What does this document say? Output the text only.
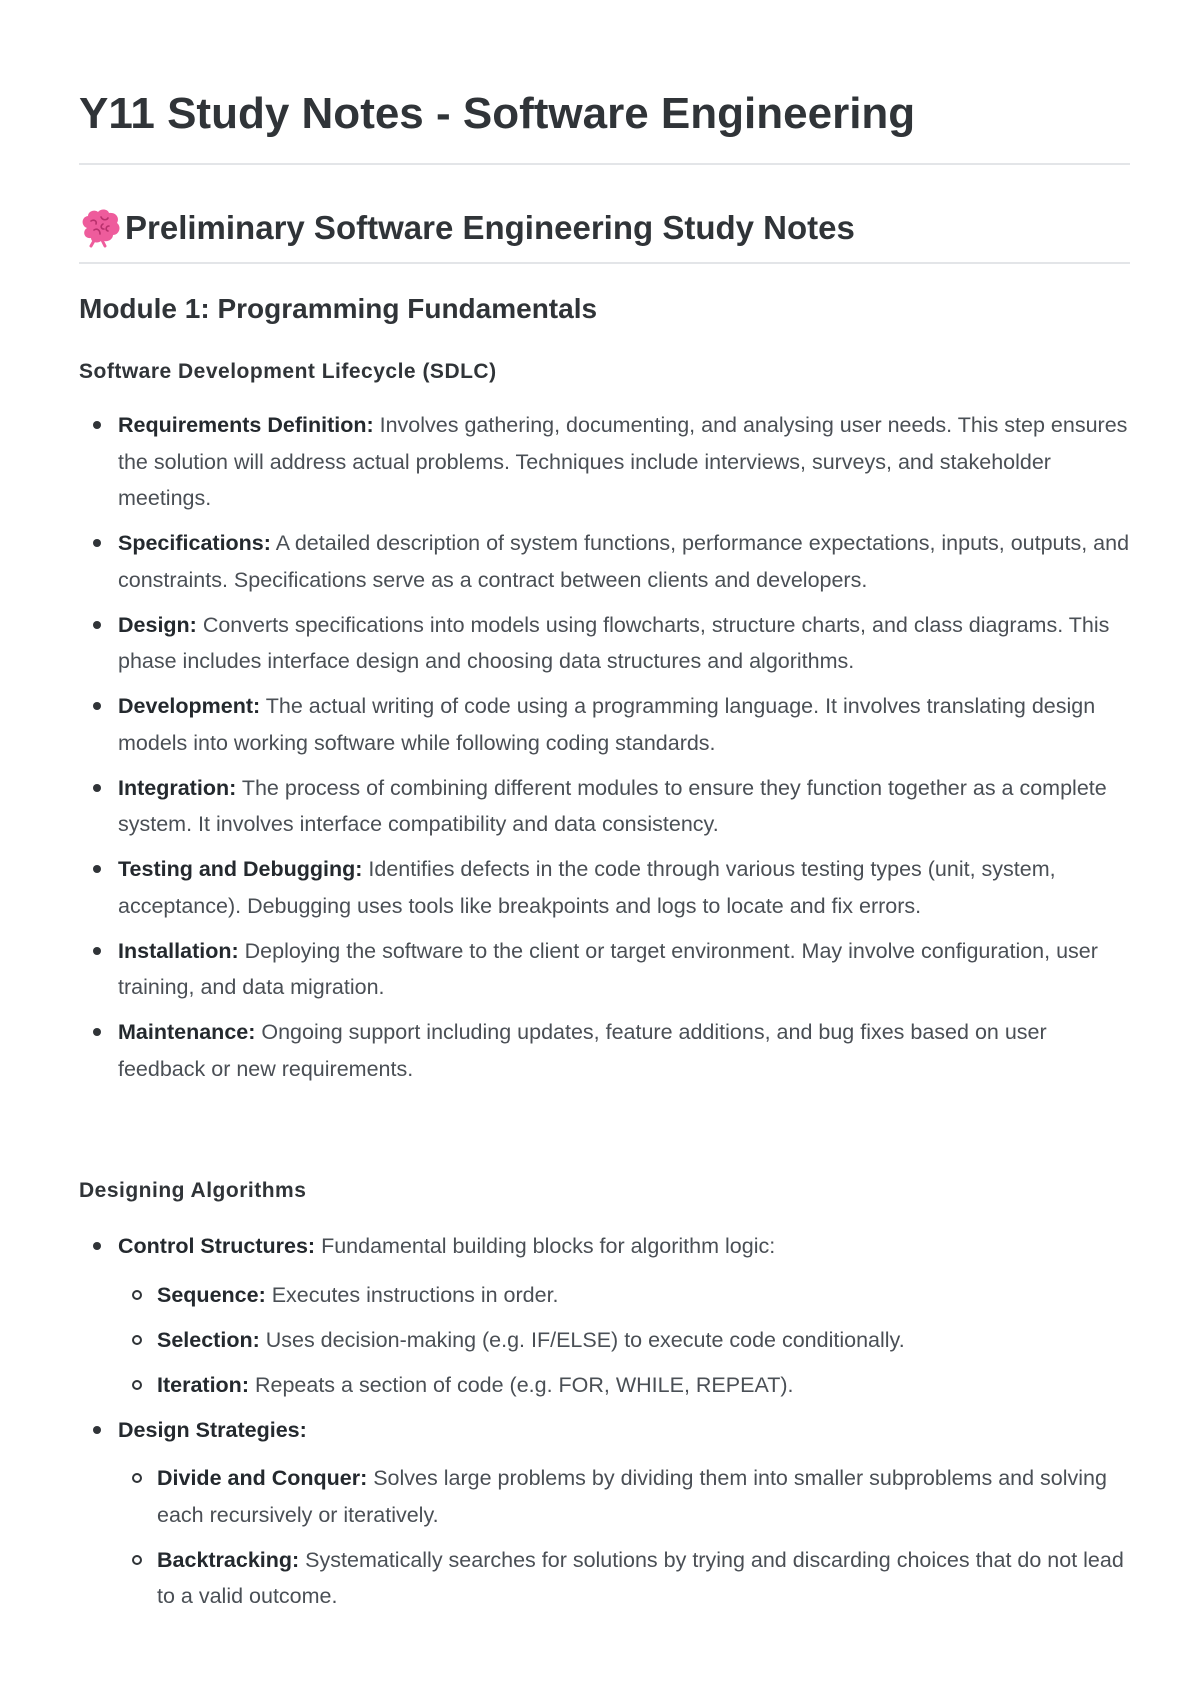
Y11 Study Notes - Software Engineering
Preliminary Software Engineering Study Notes
Module 1: Programming Fundamentals
Software Development Lifecycle (SDLC)
Requirements Definition: Involves gathering, documenting, and analysing user needs. This step ensures the solution will address actual problems. Techniques include interviews, surveys, and stakeholder meetings.
Specifications: A detailed description of system functions, performance expectations, inputs, outputs, and constraints. Specifications serve as a contract between clients and developers.
Design: Converts specifications into models using flowcharts, structure charts, and class diagrams. This phase includes interface design and choosing data structures and algorithms.
Development: The actual writing of code using a programming language. It involves translating design models into working software while following coding standards.
Integration: The process of combining different modules to ensure they function together as a complete system. It involves interface compatibility and data consistency.
Testing and Debugging: Identifies defects in the code through various testing types (unit, system, acceptance). Debugging uses tools like breakpoints and logs to locate and fix errors.
Installation: Deploying the software to the client or target environment. May involve configuration, user training, and data migration.
Maintenance: Ongoing support including updates, feature additions, and bug fixes based on user feedback or new requirements.
Designing Algorithms
Control Structures: Fundamental building blocks for algorithm logic:
Sequence: Executes instructions in order.
Selection: Uses decision-making (e.g. IF/ELSE) to execute code conditionally.
Iteration: Repeats a section of code (e.g. FOR, WHILE, REPEAT).
Design Strategies:
Divide and Conquer: Solves large problems by dividing them into smaller subproblems and solving each recursively or iteratively.
Backtracking: Systematically searches for solutions by trying and discarding choices that do not lead to a valid outcome.
